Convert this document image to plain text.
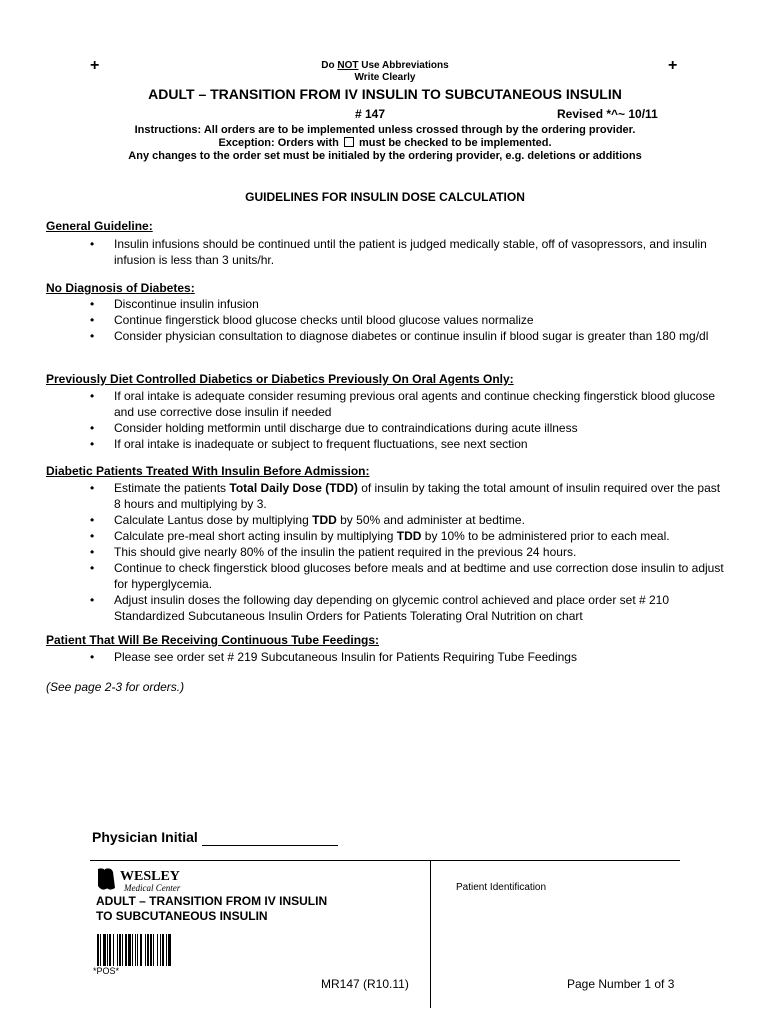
+	+
Do NOT Use Abbreviations
Write Clearly
ADULT – TRANSITION FROM IV INSULIN TO SUBCUTANEOUS INSULIN
# 147	Revised *^~ 10/11
Instructions: All orders are to be implemented unless crossed through by the ordering provider.
Exception: Orders with  must be checked to be implemented.
Any changes to the order set must be initialed by the ordering provider, e.g. deletions or additions
GUIDELINES FOR INSULIN DOSE CALCULATION
General Guideline:
• Insulin infusions should be continued until the patient is judged medically stable, off of vasopressors, and insulin infusion is less than 3 units/hr.
No Diagnosis of Diabetes:
• Discontinue insulin infusion
• Continue fingerstick blood glucose checks until blood glucose values normalize
• Consider physician consultation to diagnose diabetes or continue insulin if blood sugar is greater than 180 mg/dl
Previously Diet Controlled Diabetics or Diabetics Previously On Oral Agents Only:
• If oral intake is adequate consider resuming previous oral agents and continue checking fingerstick blood glucose and use corrective dose insulin if needed
• Consider holding metformin until discharge due to contraindications during acute illness
• If oral intake is inadequate or subject to frequent fluctuations, see next section
Diabetic Patients Treated With Insulin Before Admission:
• Estimate the patients Total Daily Dose (TDD) of insulin by taking the total amount of insulin required over the past 8 hours and multiplying by 3.
• Calculate Lantus dose by multiplying TDD by 50% and administer at bedtime.
• Calculate pre-meal short acting insulin by multiplying TDD by 10% to be administered prior to each meal.
• This should give nearly 80% of the insulin the patient required in the previous 24 hours.
• Continue to check fingerstick blood glucoses before meals and at bedtime and use correction dose insulin to adjust for hyperglycemia.
• Adjust insulin doses the following day depending on glycemic control achieved and place order set # 210 Standardized Subcutaneous Insulin Orders for Patients Tolerating Oral Nutrition on chart
Patient That Will Be Receiving Continuous Tube Feedings:
• Please see order set # 219 Subcutaneous Insulin for Patients Requiring Tube Feedings
(See page 2-3 for orders.)
Physician Initial
WESLEY
Medical Center
ADULT – TRANSITION FROM IV INSULIN
TO SUBCUTANEOUS INSULIN
*POS*
Patient Identification
MR147 (R10.11)	Page Number 1 of 3
